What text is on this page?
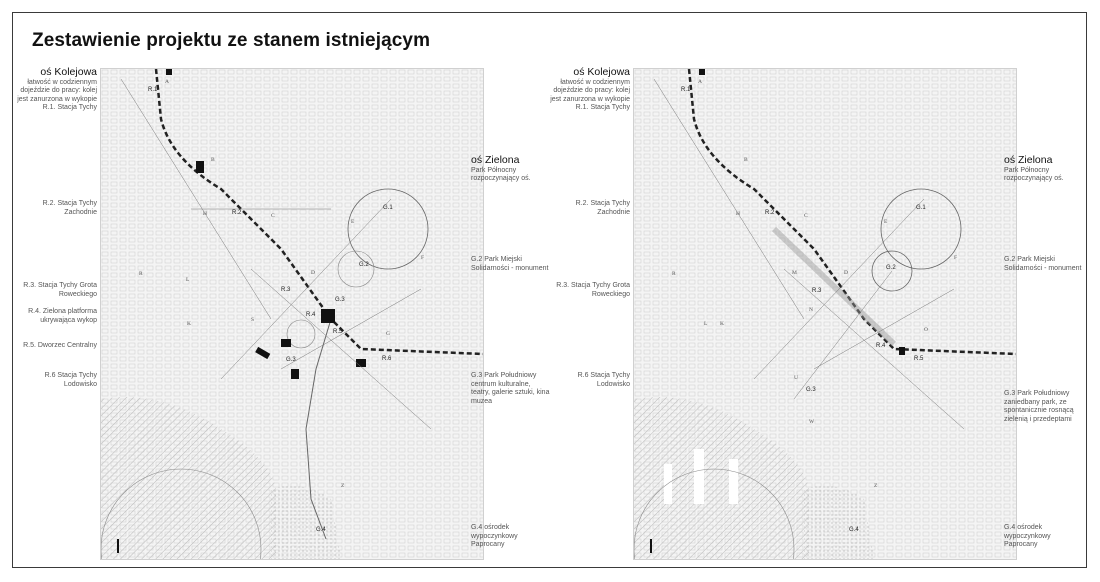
Zestawienie projektu ze stanem istniejącym
oś Kolejowa
łatwość w codziennym dojeździe do pracy: kolej jest zanurzona w wykopie
R.1. Stacja Tychy
R.2. Stacja Tychy Zachodnie
R.3. Stacja Tychy Grota Roweckiego
R.4. Zielona platforma ukrywająca wykop
R.5. Dworzec Centralny
R.6 Stacja Tychy Lodowisko
R.1
R.2
R.3
R.4
R.5
R.6
G.1
G.2
G.3
G.3
G.4
A
B
C
D
E
F
G
H
K
L
R
S
Z
oś Zielona
Park Północny rozpoczynający oś.
G.2 Park Miejski Solidarności - monument
G.3 Park Południowy centrum kulturalne, teatry, galerie sztuki, kina muzea
G.4 ośrodek wypoczynkowy Paprocany
oś Kolejowa
łatwość w codziennym dojeździe do pracy: kolej jest zanurzona w wykopie
R.1. Stacja Tychy
R.2. Stacja Tychy Zachodnie
R.3. Stacja Tychy Grota Roweckiego
R.6 Stacja Tychy Lodowisko
R.1
R.2
R.3
R.4
R.5
G.1
G.2
G.3
G.4
A
B
C
D
E
F
H
K
L
M
N
O
R
U
W
Z
oś Zielona
Park Północny rozpoczynający oś.
G.2 Park Miejski Solidarności - monument
G.3 Park Południowy zaniedbany park, ze spontanicznie rosnącą zielenią i przedeptami
G.4 ośrodek wypoczynkowy Paprocany
